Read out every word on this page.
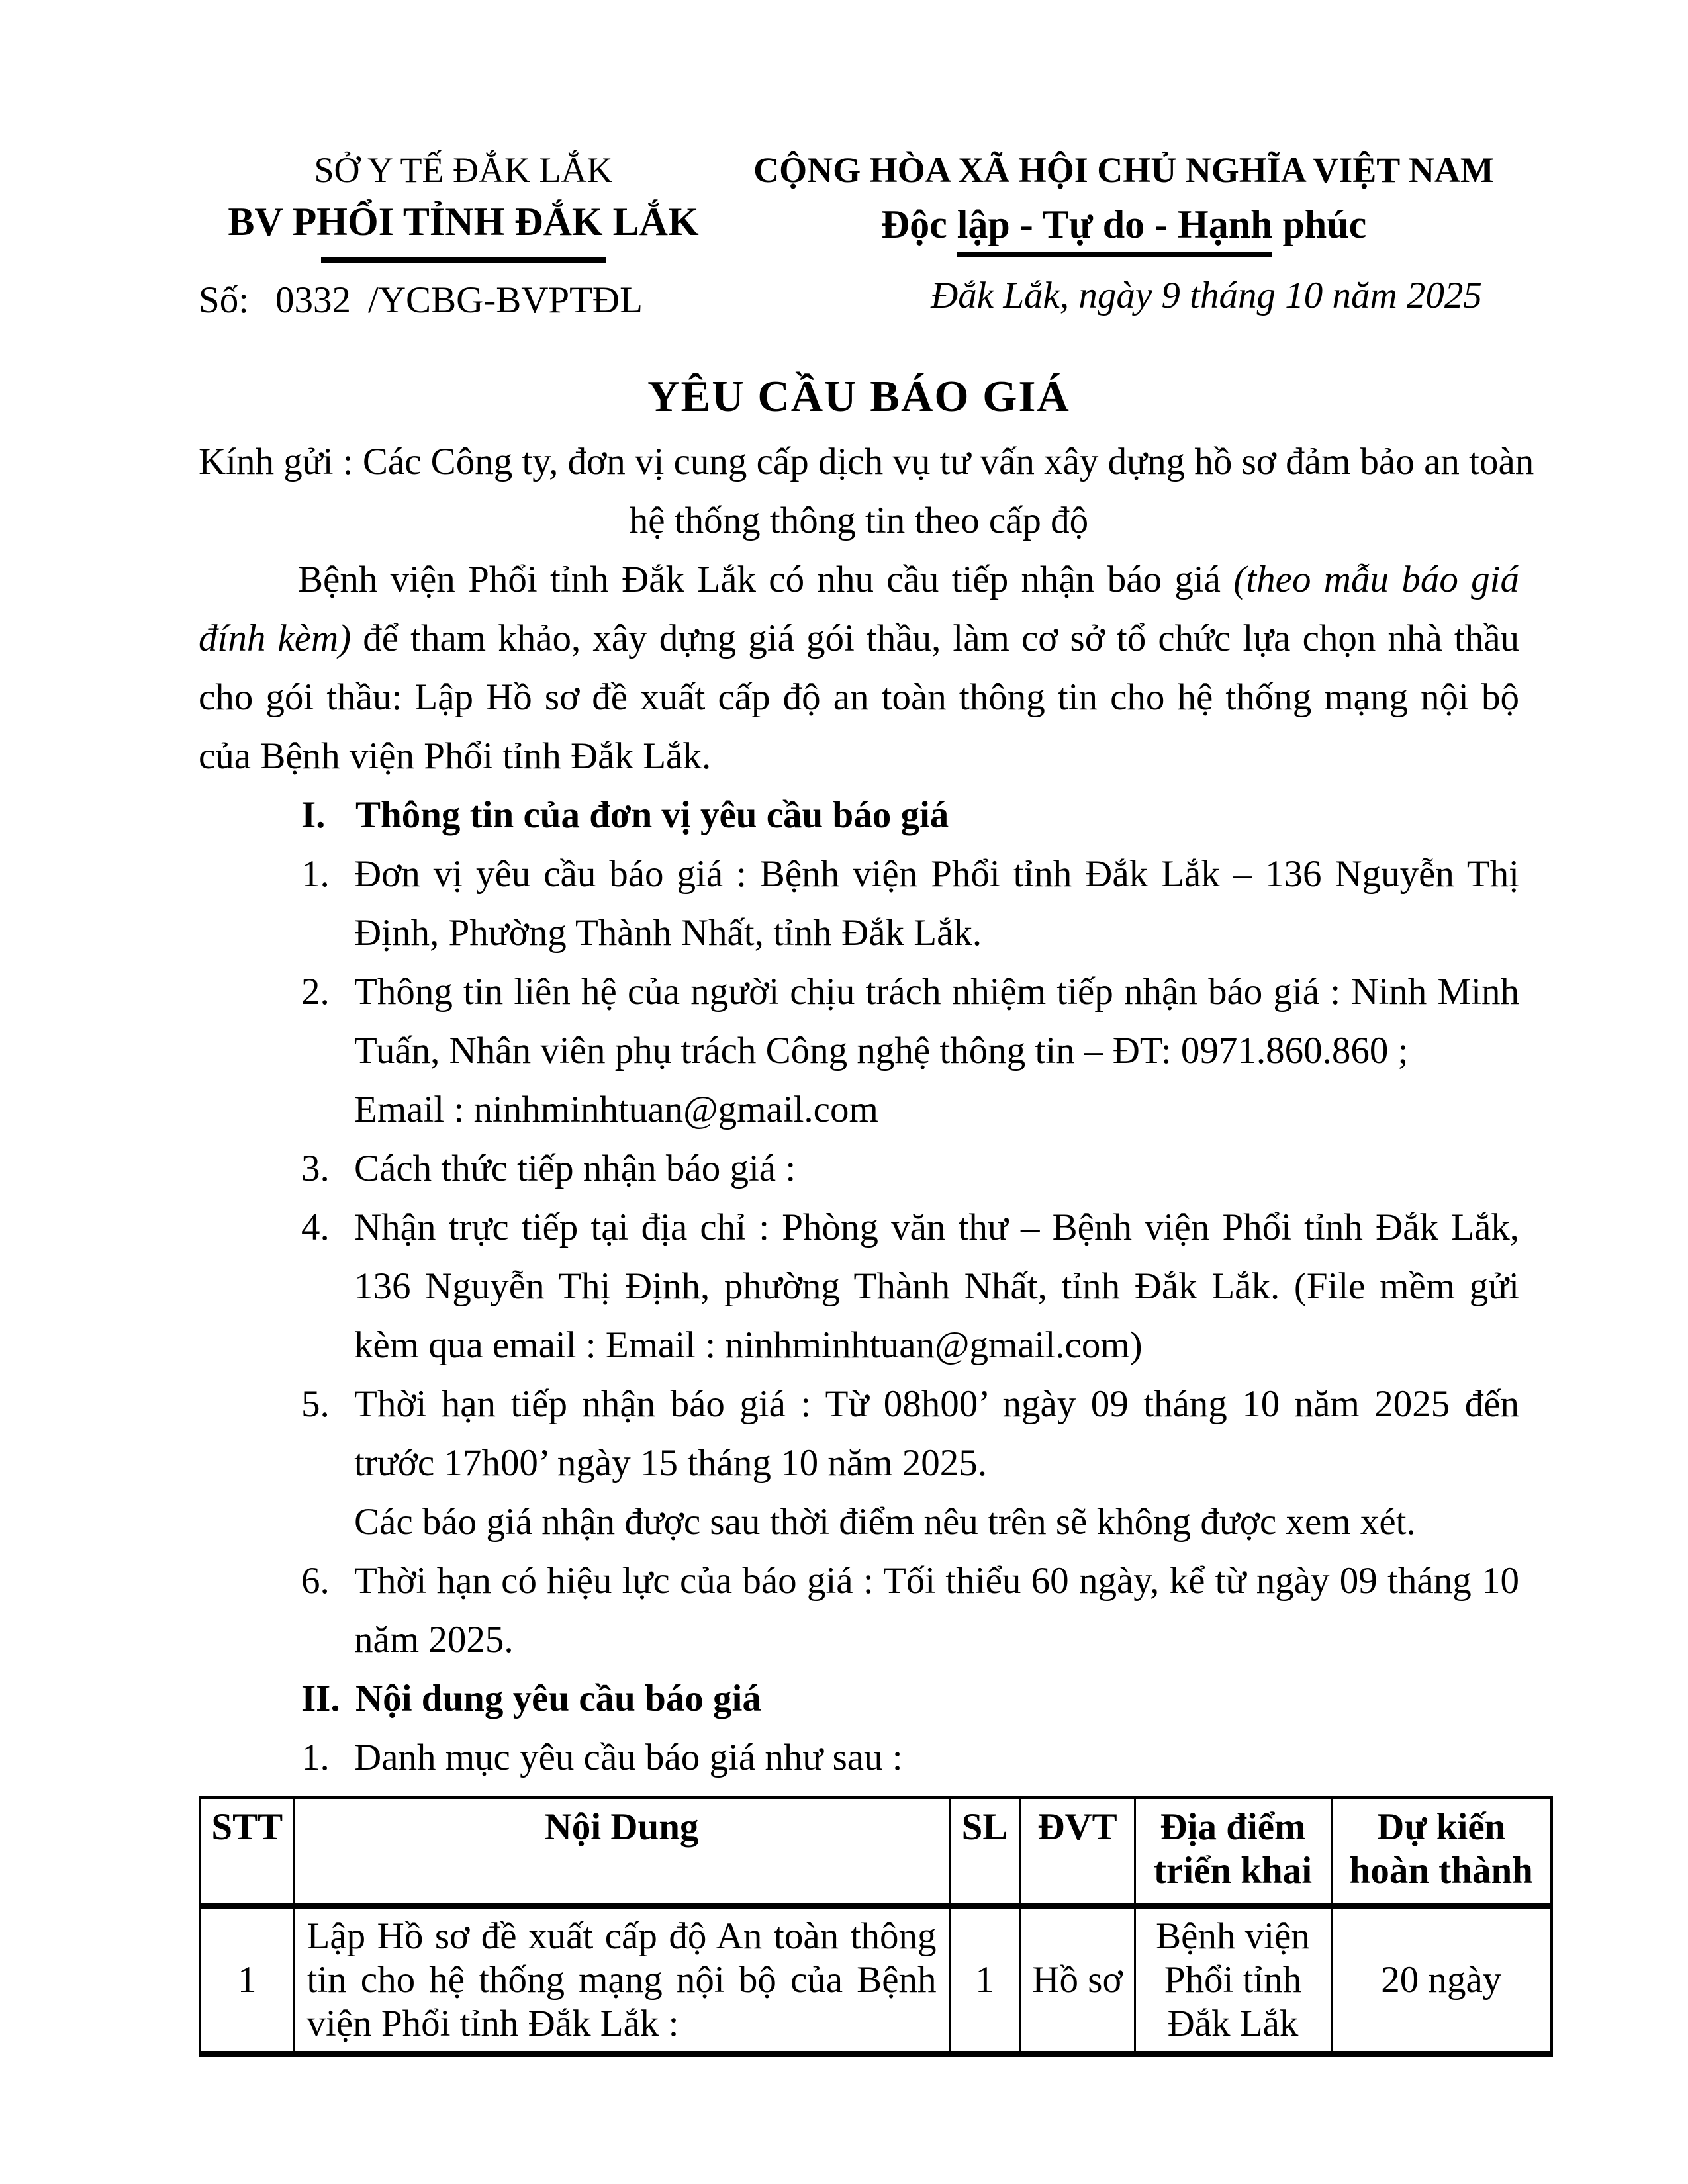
SỞ Y TẾ ĐẮK LẮK
BV PHỔI TỈNH ĐẮK LẮK
Số: 0332 /YCBG-BVPTĐL
CỘNG HÒA XÃ HỘI CHỦ NGHĨA VIỆT NAM
Độc lập - Tự do - Hạnh phúc
Đắk Lắk, ngày 9 tháng 10 năm 2025
YÊU CẦU BÁO GIÁ
Kính gửi : Các Công ty, đơn vị cung cấp dịch vụ tư vấn xây dựng hồ sơ đảm bảo an toàn
hệ thống thông tin theo cấp độ

Bệnh viện Phổi tỉnh Đắk Lắk có nhu cầu tiếp nhận báo giá (theo mẫu báo giá đính kèm) để tham khảo, xây dựng giá gói thầu, làm cơ sở tổ chức lựa chọn nhà thầu cho gói thầu: Lập Hồ sơ đề xuất cấp độ an toàn thông tin cho hệ thống mạng nội bộ của Bệnh viện Phổi tỉnh Đắk Lắk.

I. Thông tin của đơn vị yêu cầu báo giá
1. Đơn vị yêu cầu báo giá : Bệnh viện Phổi tỉnh Đắk Lắk – 136 Nguyễn Thị Định, Phường Thành Nhất, tỉnh Đắk Lắk.
2. Thông tin liên hệ của người chịu trách nhiệm tiếp nhận báo giá : Ninh Minh Tuấn, Nhân viên phụ trách Công nghệ thông tin – ĐT: 0971.860.860 ;
Email : ninhminhtuan@gmail.com
3. Cách thức tiếp nhận báo giá :
4. Nhận trực tiếp tại địa chỉ : Phòng văn thư – Bệnh viện Phổi tỉnh Đắk Lắk, 136 Nguyễn Thị Định, phường Thành Nhất, tỉnh Đắk Lắk. (File mềm gửi kèm qua email : Email : ninhminhtuan@gmail.com)
5. Thời hạn tiếp nhận báo giá : Từ 08h00’ ngày 09 tháng 10 năm 2025 đến trước 17h00’ ngày 15 tháng 10 năm 2025.
Các báo giá nhận được sau thời điểm nêu trên sẽ không được xem xét.
6. Thời hạn có hiệu lực của báo giá : Tối thiểu 60 ngày, kể từ ngày 09 tháng 10 năm 2025.
II. Nội dung yêu cầu báo giá
1. Danh mục yêu cầu báo giá như sau :
STT	Nội Dung	SL	ĐVT	Địa điểm triển khai	Dự kiến hoàn thành
1	Lập Hồ sơ đề xuất cấp độ An toàn thông tin cho hệ thống mạng nội bộ của Bệnh viện Phổi tỉnh Đắk Lắk :	1	Hồ sơ	Bệnh viện Phổi tỉnh Đắk Lắk	20 ngày
